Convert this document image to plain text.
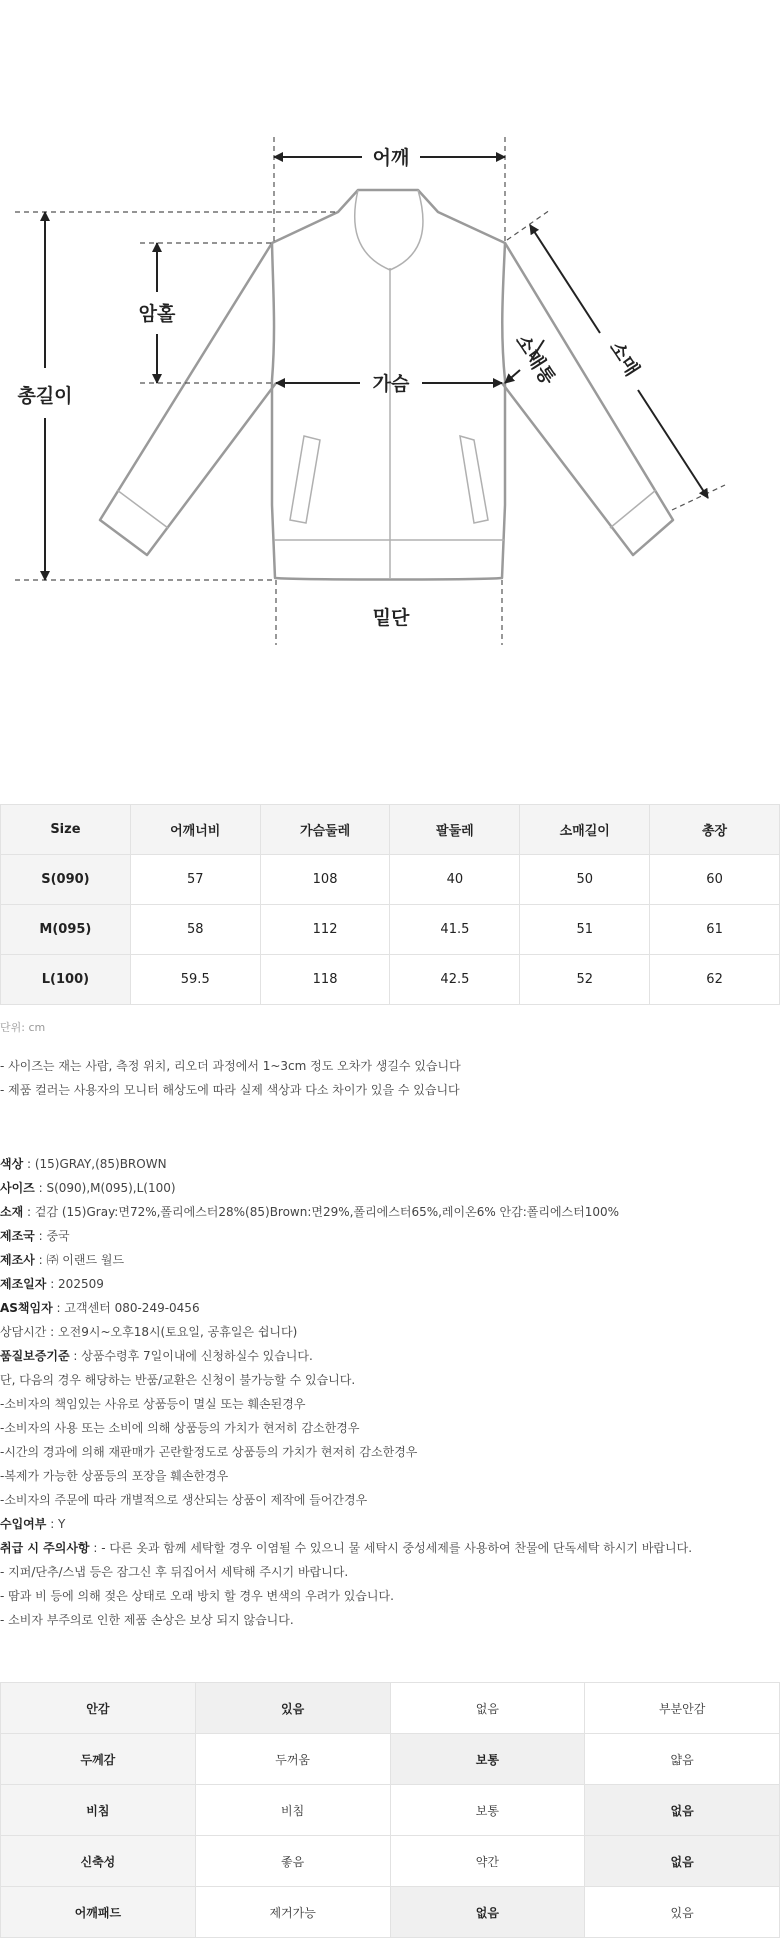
어깨
암홀
총길이
가슴	소매통 소매
밑단
Size	어깨너비	가슴둘레	팔둘레	소매길이	총장
S(090)	57	108	40	50	60
M(095)	58	112	41.5	51	61
L(100)	59.5	118	42.5	52	62
단위: cm
- 사이즈는 재는 사람, 측정 위치, 리오더 과정에서 1~3cm 정도 오차가 생길수 있습니다
- 제품 컬러는 사용자의 모니터 해상도에 따라 실제 색상과 다소 차이가 있을 수 있습니다
색상 : (15)GRAY,(85)BROWN
사이즈 : S(090),M(095),L(100)
소재 : 겉감 (15)Gray:면72%,폴리에스터28%(85)Brown:면29%,폴리에스터65%,레이온6% 안감:폴리에스터100%
제조국 : 중국
제조사 : ㈜ 이랜드 월드
제조일자 : 202509
AS책임자 : 고객센터 080-249-0456
상담시간 : 오전9시~오후18시(토요일, 공휴일은 쉽니다)
품질보증기준 : 상품수령후 7일이내에 신청하실수 있습니다.
단, 다음의 경우 해당하는 반품/교환은 신청이 불가능할 수 있습니다.
-소비자의 책임있는 사유로 상품등이 멸실 또는 훼손된경우
-소비자의 사용 또는 소비에 의해 상품등의 가치가 현저히 감소한경우
-시간의 경과에 의해 재판매가 곤란할정도로 상품등의 가치가 현저히 감소한경우
-복제가 가능한 상품등의 포장을 훼손한경우
-소비자의 주문에 따라 개별적으로 생산되는 상품이 제작에 들어간경우
수입여부 : Y
취급 시 주의사항 : - 다른 옷과 함께 세탁할 경우 이염될 수 있으니 물 세탁시 중성세제를 사용하여 찬물에 단독세탁 하시기 바랍니다.
- 지퍼/단추/스냅 등은 잠그신 후 뒤집어서 세탁해 주시기 바랍니다.
- 땀과 비 등에 의해 젖은 상태로 오래 방치 할 경우 변색의 우려가 있습니다.
- 소비자 부주의로 인한 제품 손상은 보상 되지 않습니다.
안감	있음	없음	부분안감
두께감	두꺼움	보통	얇음
비침	비침	보통	없음
신축성	좋음	약간	없음
어깨패드	제거가능	없음	있음
